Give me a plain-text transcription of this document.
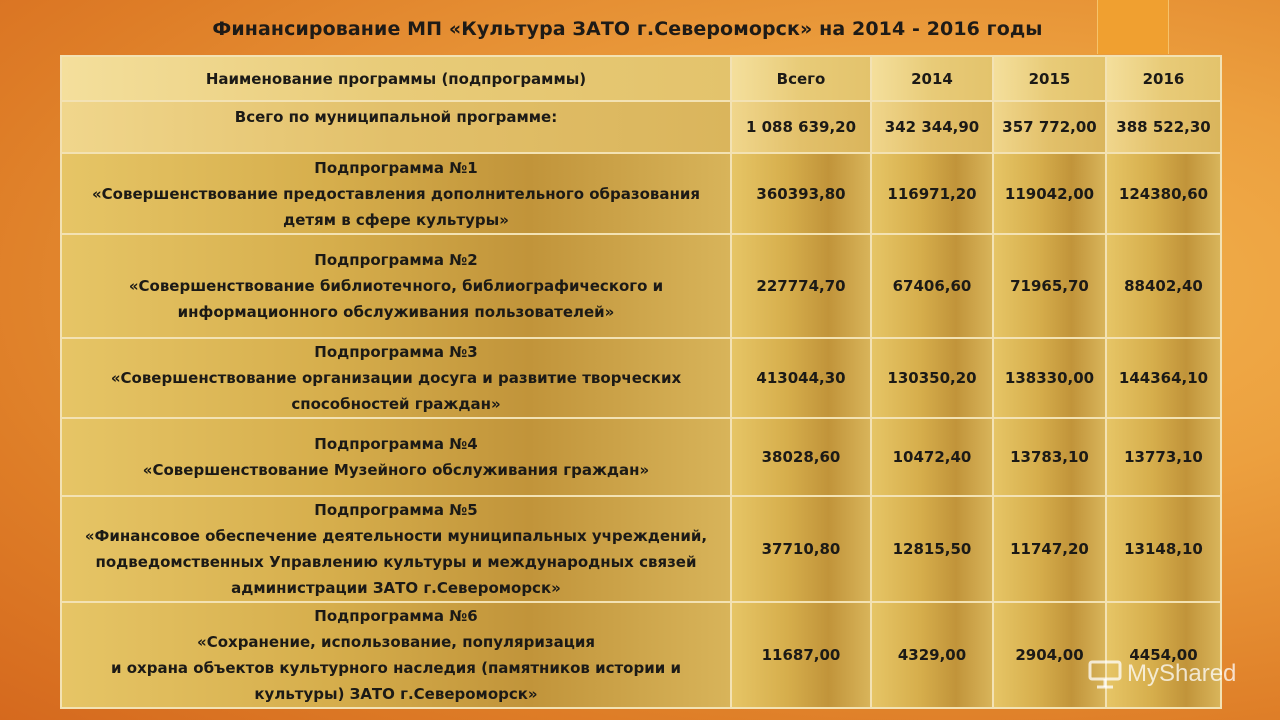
Финансирование МП «Культура ЗАТО г.Североморск» на 2014 - 2016 годы
Наименование программы (подпрограммы)	Всего	2014	2015	2016
Всего по муниципальной программе:	1 088 639,20	342 344,90	357 772,00	388 522,30

Подпрограмма №1
«Совершенствование предоставления дополнительного образования
детям в сфере культуры»	360393,80	116971,20	119042,00	124380,60

Подпрограмма №2
«Совершенствование библиотечного, библиографического и
информационного обслуживания пользователей»	227774,70	67406,60	71965,70	88402,40

Подпрограмма №3
«Совершенствование организации досуга и развитие творческих
способностей граждан»	413044,30	130350,20	138330,00	144364,10

Подпрограмма №4
«Совершенствование Музейного обслуживания граждан»	38028,60	10472,40	13783,10	13773,10

Подпрограмма №5
«Финансовое обеспечение деятельности муниципальных учреждений,
подведомственных Управлению культуры и международных связей
администрации ЗАТО г.Североморск»	37710,80	12815,50	11747,20	13148,10

Подпрограмма №6
«Сохранение, использование, популяризация
и охрана объектов культурного наследия (памятников истории и
культуры) ЗАТО г.Североморск»	11687,00	4329,00	2904,00	4454,00
MyShared
